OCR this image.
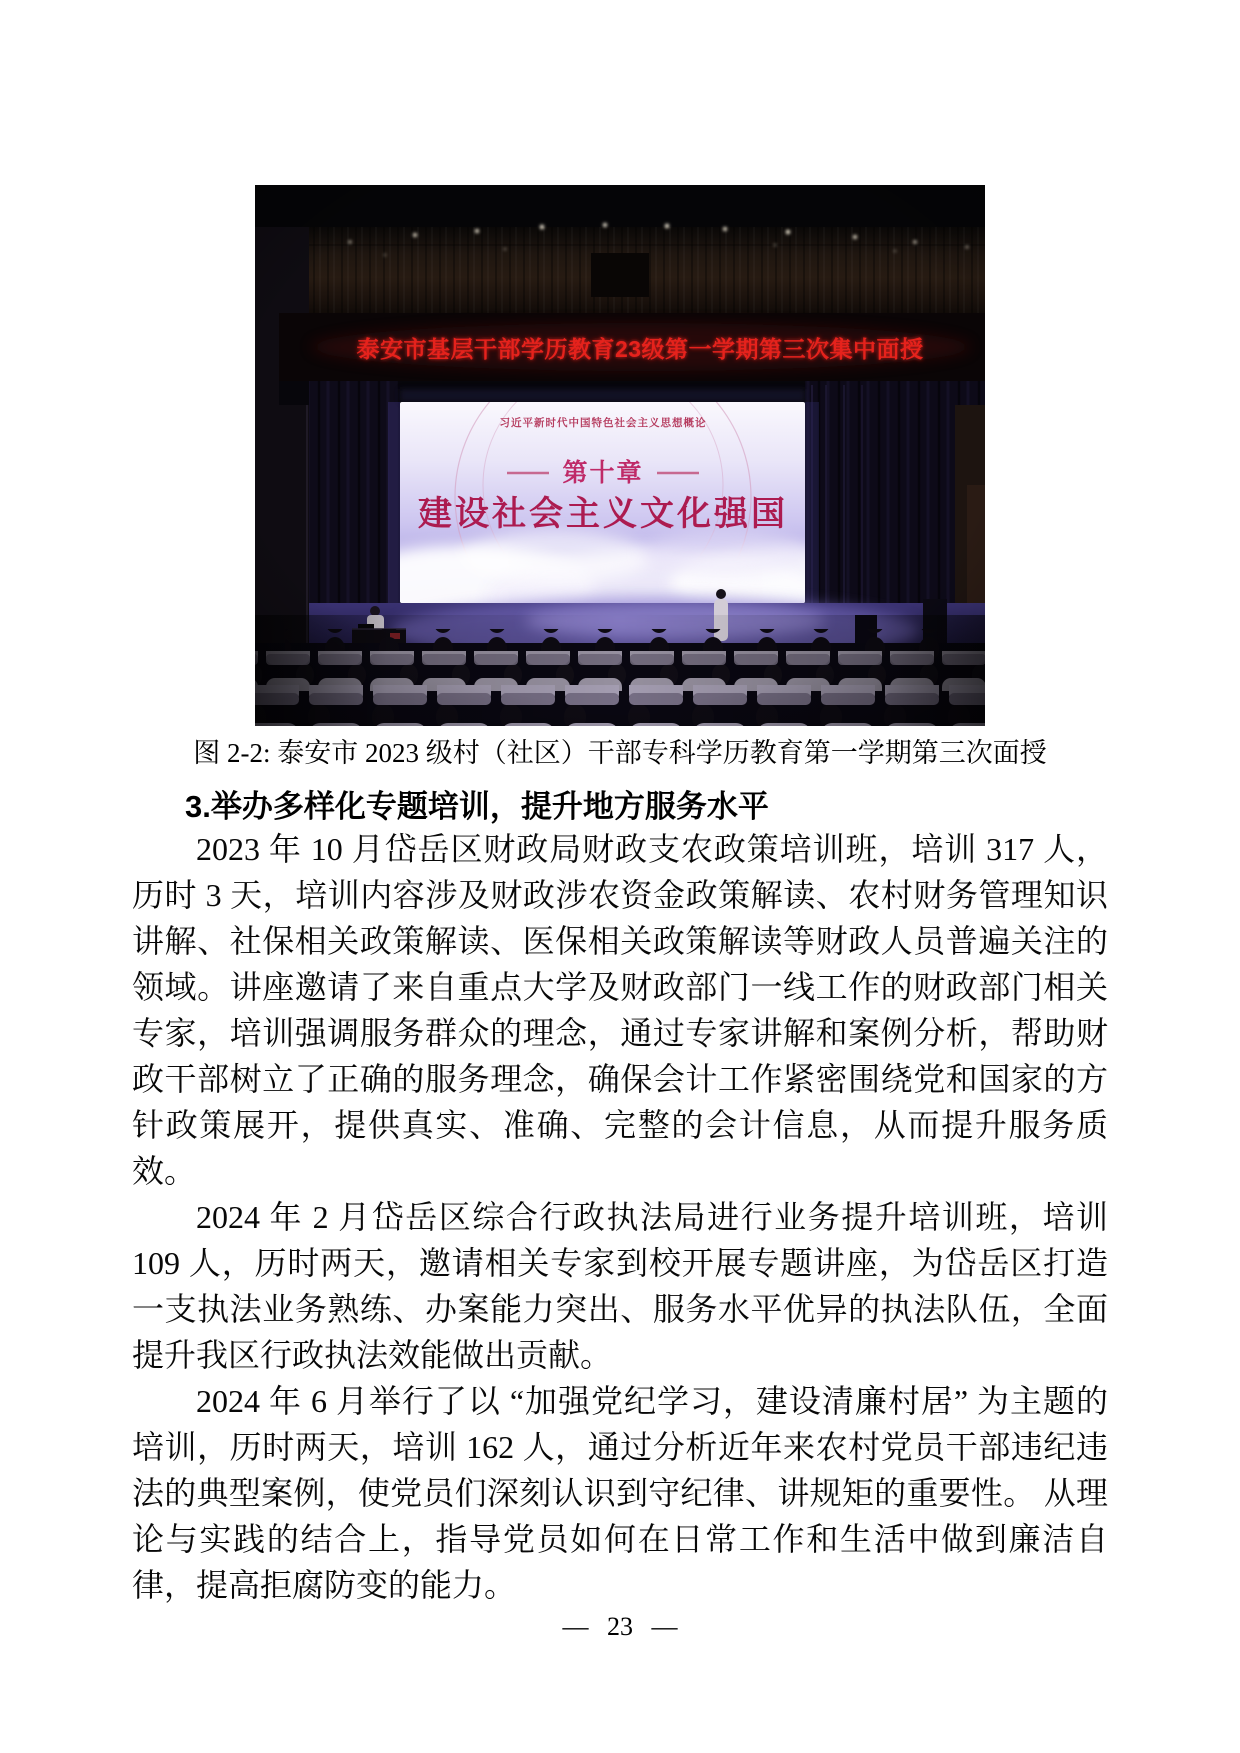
图 2-2: 泰安市 2023 级村（社区）干部专科学历教育第一学期第三次面授
3.举办多样化专题培训，提升地方服务水平

2023 年 10 月岱岳区财政局财政支农政策培训班，培训 317 人，历时 3 天，培训内容涉及财政涉农资金政策解读、农村财务管理知识讲解、社保相关政策解读、医保相关政策解读等财政人员普遍关注的领域。讲座邀请了来自重点大学及财政部门一线工作的财政部门相关专家，培训强调服务群众的理念，通过专家讲解和案例分析，帮助财政干部树立了正确的服务理念，确保会计工作紧密围绕党和国家的方针政策展开，提供真实、准确、完整的会计信息，从而提升服务质效。

2024 年 2 月岱岳区综合行政执法局进行业务提升培训班，培训 109 人，历时两天，邀请相关专家到校开展专题讲座，为岱岳区打造一支执法业务熟练、办案能力突出、服务水平优异的执法队伍，全面提升我区行政执法效能做出贡献。

2024 年 6 月举行了以 “加强党纪学习，建设清廉村居” 为主题的培训，历时两天，培训 162 人，通过分析近年来农村党员干部违纪违法的典型案例，使党员们深刻认识到守纪律、讲规矩的重要性。 从理论与实践的结合上，指导党员如何在日常工作和生活中做到廉洁自律，提高拒腐防变的能力。

— 23 —
